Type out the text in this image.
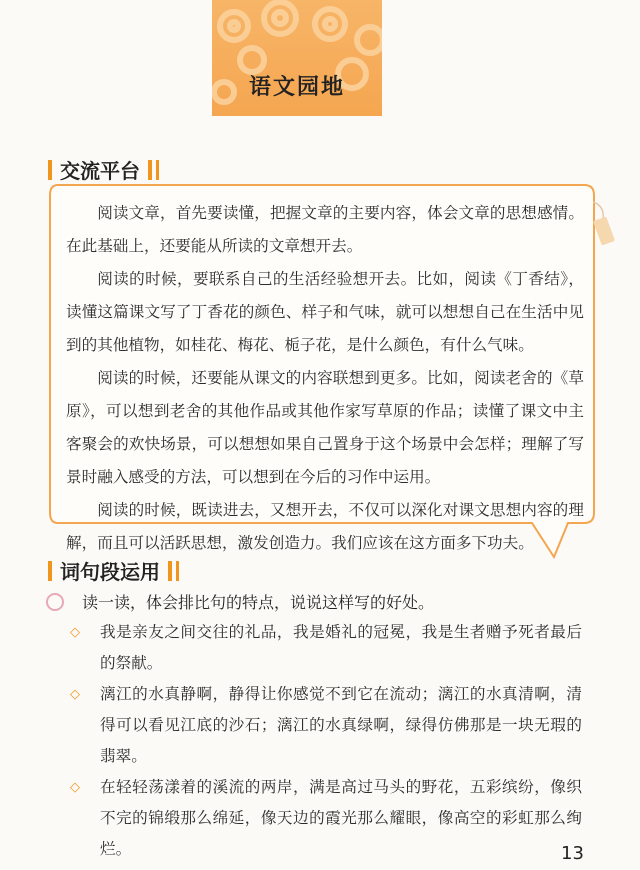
语文园地
交流平台

阅读文章，首先要读懂，把握文章的主要内容，体会文章的思想感情。在此基础上，还要能从所读的文章想开去。

阅读的时候，要联系自己的生活经验想开去。比如，阅读《丁香结》，读懂这篇课文写了丁香花的颜色、样子和气味，就可以想想自己在生活中见到的其他植物，如桂花、梅花、栀子花，是什么颜色，有什么气味。

阅读的时候，还要能从课文的内容联想到更多。比如，阅读老舍的《草原》，可以想到老舍的其他作品或其他作家写草原的作品；读懂了课文中主客聚会的欢快场景，可以想想如果自己置身于这个场景中会怎样；理解了写景时融入感受的方法，可以想到在今后的习作中运用。

阅读的时候，既读进去，又想开去，不仅可以深化对课文思想内容的理解，而且可以活跃思想，激发创造力。我们应该在这方面多下功夫。

词句段运用
读一读，体会排比句的特点，说说这样写的好处。
◇	我是亲友之间交往的礼品，我是婚礼的冠冕，我是生者赠予死者最后的祭献。
◇	漓江的水真静啊，静得让你感觉不到它在流动；漓江的水真清啊，清得可以看见江底的沙石；漓江的水真绿啊，绿得仿佛那是一块无瑕的翡翠。
◇	在轻轻荡漾着的溪流的两岸，满是高过马头的野花，五彩缤纷，像织不完的锦缎那么绵延，像天边的霞光那么耀眼，像高空的彩虹那么绚烂。	13
